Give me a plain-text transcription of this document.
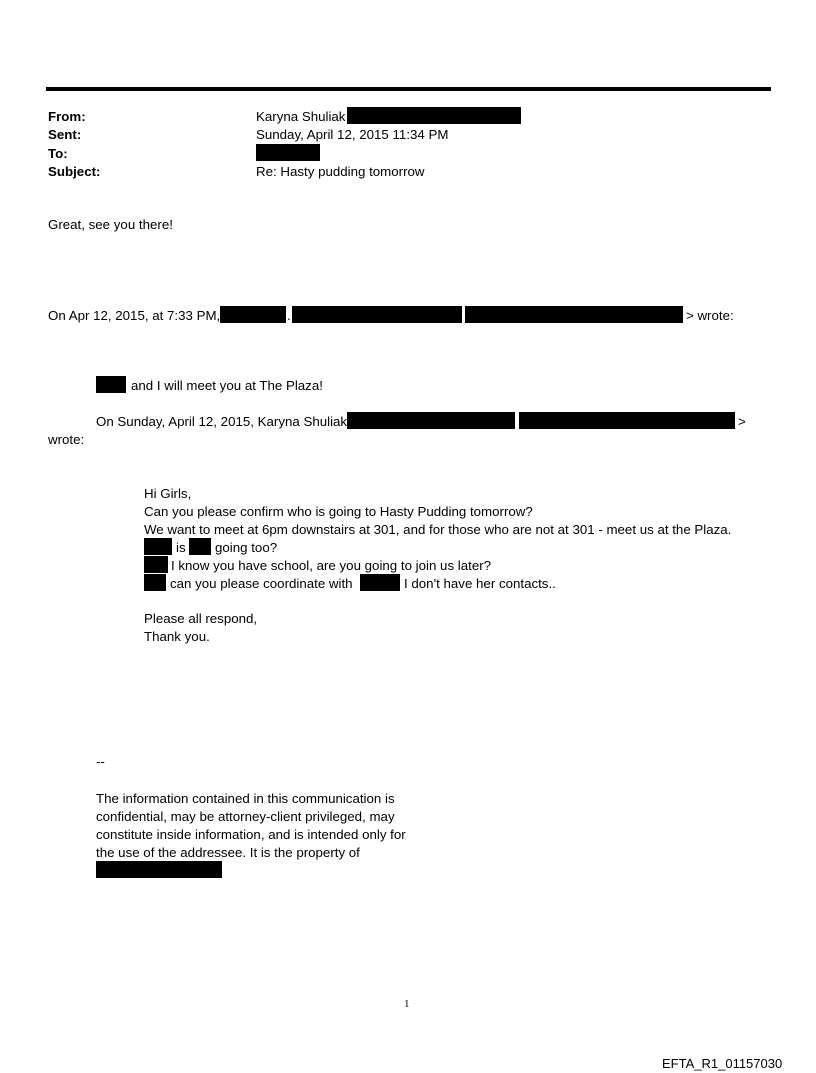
From:	Karyna Shuliak
Sent:	Sunday, April 12, 2015 11:34 PM
To:
Subject:	Re: Hasty pudding tomorrow
Great, see you there!
On Apr 12, 2015, at 7:33 PM,	.	> wrote:
and I will meet you at The Plaza!
On Sunday, April 12, 2015, Karyna Shuliak	>
wrote:
Hi Girls,
Can you please confirm who is going to Hasty Pudding tomorrow?
We want to meet at 6pm downstairs at 301, and for those who are not at 301 - meet us at the Plaza.
is going too?
I know you have school, are you going to join us later?
can you please coordinate with	I don't have her contacts..
Please all respond,
Thank you.
--
The information contained in this communication is
confidential, may be attorney-client privileged, may
constitute inside information, and is intended only for
the use of the addressee. It is the property of
1
EFTA_R1_01157030
